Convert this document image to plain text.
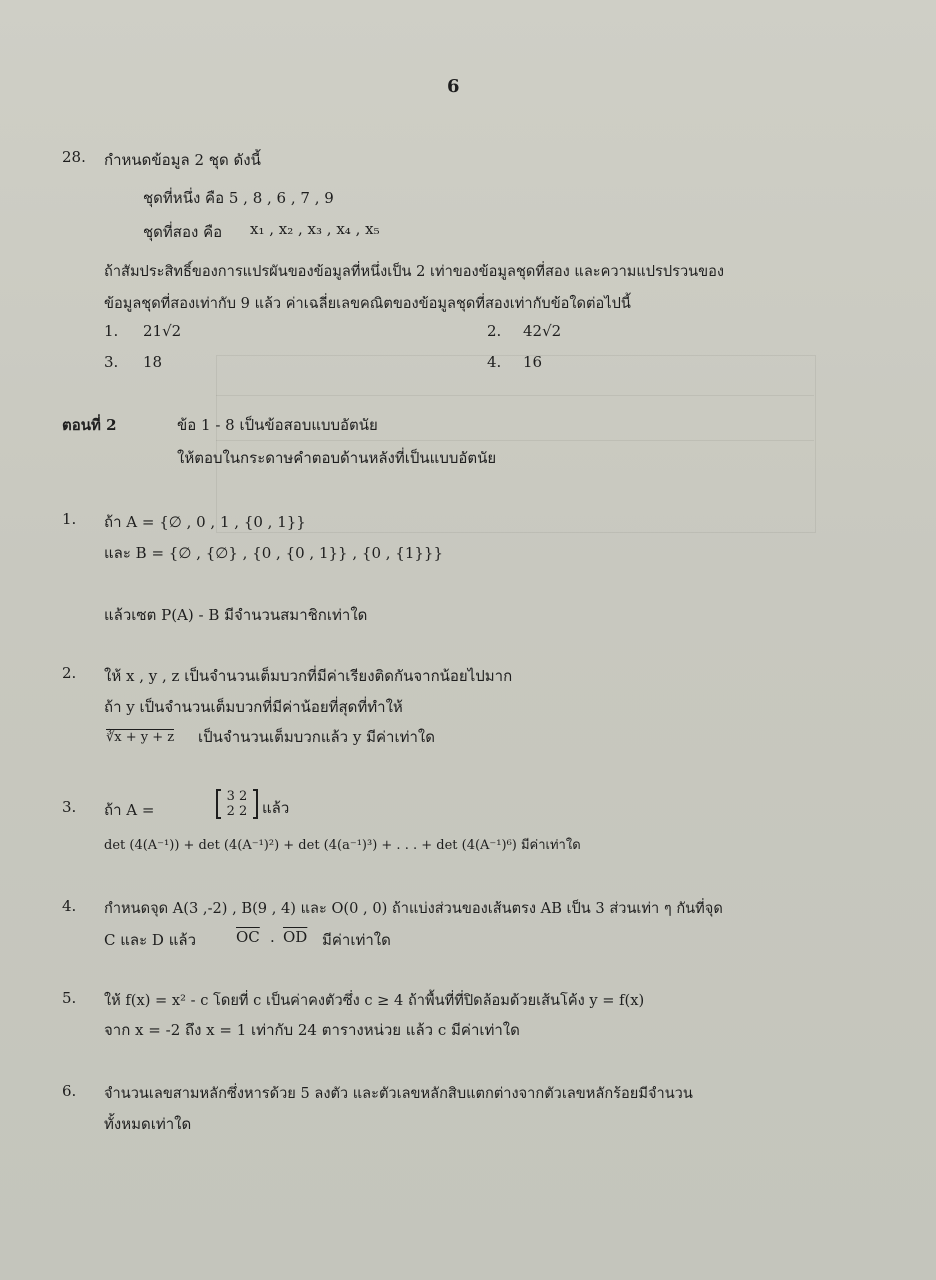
6
28. กำหนดข้อมูล 2 ชุด ดังนี้
ชุดที่หนึ่ง คือ 5 , 8 , 6 , 7 , 9
ชุดที่สอง คือ x₁ , x₂ , x₃ , x₄ , x₅
ถ้าสัมประสิทธิ์ของการแปรผันของข้อมูลที่หนึ่งเป็น 2 เท่าของข้อมูลชุดที่สอง และความแปรปรวนของ
ข้อมูลชุดที่สองเท่ากับ 9 แล้ว ค่าเฉลี่ยเลขคณิตของข้อมูลชุดที่สองเท่ากับข้อใดต่อไปนี้
1. 21√2	2. 42√2
3. 18	4. 16
ตอนที่ 2	ข้อ 1 - 8 เป็นข้อสอบแบบอัตนัย
ให้ตอบในกระดาษคำตอบด้านหลังที่เป็นแบบอัตนัย
1. ถ้า A = {∅ , 0 , 1 , {0 , 1}}
และ B = {∅ , {∅} , {0 , {0 , 1}} , {0 , {1}}}
แล้วเซต P(A) - B มีจำนวนสมาชิกเท่าใด
2. ให้ x , y , z เป็นจำนวนเต็มบวกที่มีค่าเรียงติดกันจากน้อยไปมาก
ถ้า y เป็นจำนวนเต็มบวกที่มีค่าน้อยที่สุดที่ทำให้
∛x + y + z เป็นจำนวนเต็มบวกแล้ว y มีค่าเท่าใด
3. ถ้า A =
3 2
2 2 แล้ว
det (4(A⁻¹)) + det (4(A⁻¹)²) + det (4(a⁻¹)³) + . . . + det (4(A⁻¹)⁶) มีค่าเท่าใด
4. กำหนดจุด A(3 ,-2) , B(9 , 4) และ O(0 , 0) ถ้าแบ่งส่วนของเส้นตรง AB เป็น 3 ส่วนเท่า ๆ กันที่จุด
C และ D แล้ว	$\overline{OC}$ . $\overline{OD}$ มีค่าเท่าใด
5. ให้ f(x) = x² - c โดยที่ c เป็นค่าคงตัวซึ่ง c ≥ 4 ถ้าพื้นที่ที่ปิดล้อมด้วยเส้นโค้ง y = f(x)
จาก x = -2 ถึง x = 1 เท่ากับ 24 ตารางหน่วย แล้ว c มีค่าเท่าใด
6. จำนวนเลขสามหลักซึ่งหารด้วย 5 ลงตัว และตัวเลขหลักสิบแตกต่างจากตัวเลขหลักร้อยมีจำนวน
ทั้งหมดเท่าใด
